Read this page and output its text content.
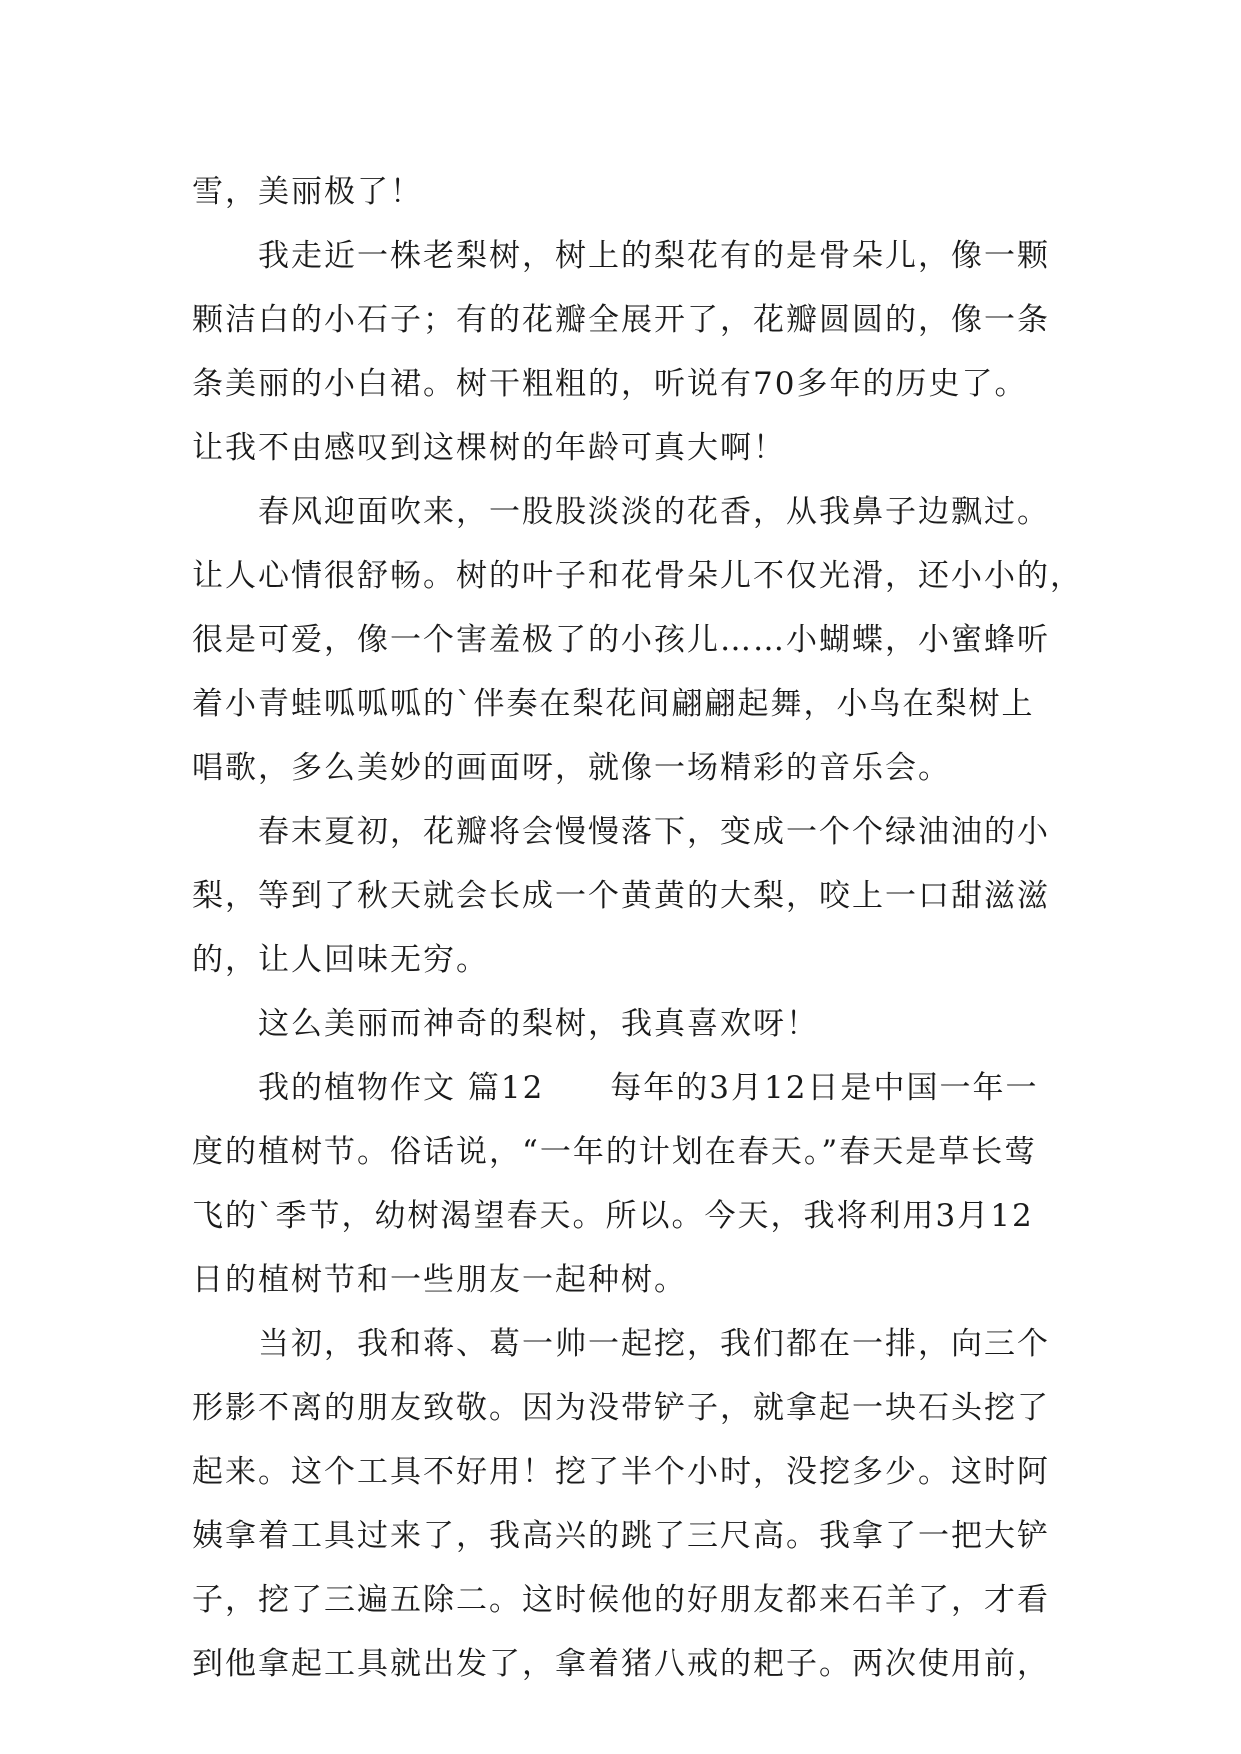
雪，美丽极了！
　　我走近一株老梨树，树上的梨花有的是骨朵儿，像一颗
颗洁白的小石子；有的花瓣全展开了，花瓣圆圆的，像一条
条美丽的小白裙。树干粗粗的，听说有70多年的历史了。
让我不由感叹到这棵树的年龄可真大啊！
　　春风迎面吹来，一股股淡淡的花香，从我鼻子边飘过。
让人心情很舒畅。树的叶子和花骨朵儿不仅光滑，还小小的，
很是可爱，像一个害羞极了的小孩儿……小蝴蝶，小蜜蜂听
着小青蛙呱呱呱的`伴奏在梨花间翩翩起舞，小鸟在梨树上
唱歌，多么美妙的画面呀，就像一场精彩的音乐会。
　　春末夏初，花瓣将会慢慢落下，变成一个个绿油油的小
梨，等到了秋天就会长成一个黄黄的大梨，咬上一口甜滋滋
的，让人回味无穷。
　　这么美丽而神奇的梨树，我真喜欢呀！
　　我的植物作文 篇12　　每年的3月12日是中国一年一
度的植树节。俗话说，“一年的计划在春天。”春天是草长莺
飞的`季节，幼树渴望春天。所以。今天，我将利用3月12
日的植树节和一些朋友一起种树。
　　当初，我和蒋、葛一帅一起挖，我们都在一排，向三个
形影不离的朋友致敬。因为没带铲子，就拿起一块石头挖了
起来。这个工具不好用！挖了半个小时，没挖多少。这时阿
姨拿着工具过来了，我高兴的跳了三尺高。我拿了一把大铲
子，挖了三遍五除二。这时候他的好朋友都来石羊了，才看
到他拿起工具就出发了，拿着猪八戒的耙子。两次使用前，
